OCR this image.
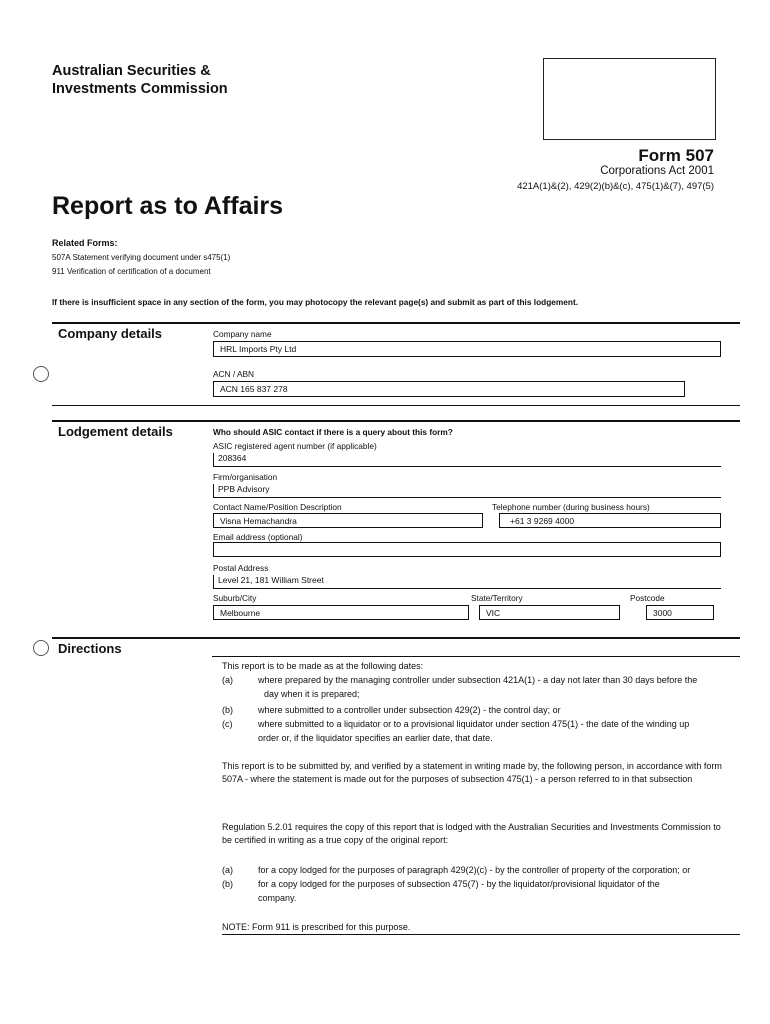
Australian Securities &
Investments Commission
Form 507
Corporations Act 2001
421A(1)&(2), 429(2)(b)&(c), 475(1)&(7), 497(5)
Report as to Affairs
Related Forms:
507A Statement verifying document under s475(1)
911 Verification of certification of a document
If there is insufficient space in any section of the form, you may photocopy the relevant page(s) and submit as part of this lodgement.
Company details	Company name
HRL Imports Pty Ltd
ACN / ABN
ACN 165 837 278
Lodgement details	Who should ASIC contact if there is a query about this form?
ASIC registered agent number (if applicable)
208364
Firm/organisation
PPB Advisory
Contact Name/Position Description
Visna Hemachandra
Telephone number (during business hours)
+61 3 9269 4000
Email address (optional)
Postal Address
Level 21, 181 William Street
Suburb/City
Melbourne
State/Territory
VIC
Postcode
3000
Directions
This report is to be made as at the following dates:
(a)	where prepared by the managing controller under subsection 421A(1) - a day not later than 30 days before the
day when it is prepared;
(b)	where submitted to a controller under subsection 429(2) - the control day; or
(c)	where submitted to a liquidator or to a provisional liquidator under section 475(1) - the date of the winding up
order or, if the liquidator specifies an earlier date, that date.
This report is to be submitted by, and verified by a statement in writing made by, the following person, in accordance with form 507A - where the statement is made out for the purposes of subsection 475(1) - a person referred to in that subsection
Regulation 5.2.01 requires the copy of this report that is lodged with the Australian Securities and Investments Commission to be certified in writing as a true copy of the original report:
(a)	for a copy lodged for the purposes of paragraph 429(2)(c) - by the controller of property of the corporation; or
(b)	for a copy lodged for the purposes of subsection 475(7) - by the liquidator/provisional liquidator of the
company.
NOTE: Form 911 is prescribed for this purpose.
